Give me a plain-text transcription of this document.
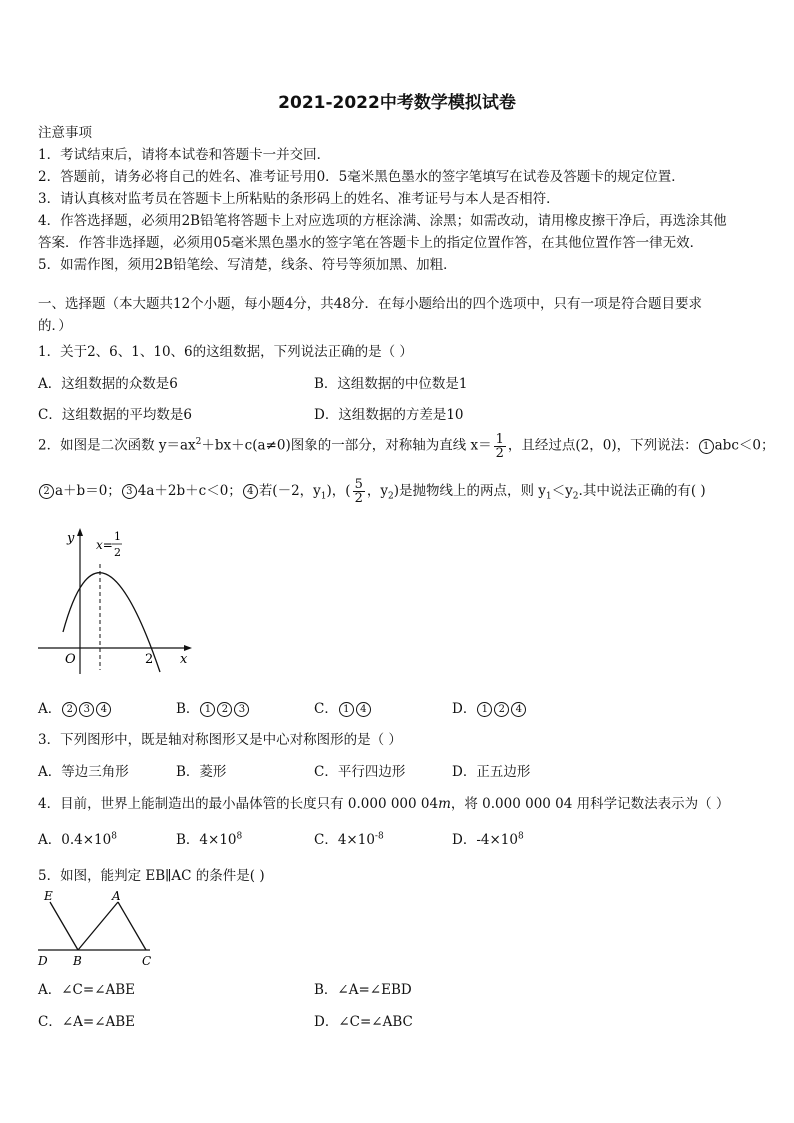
2021-2022中考数学模拟试卷
注意事项
1．考试结束后，请将本试卷和答题卡一并交回．
2．答题前，请务必将自己的姓名、准考证号用0．5毫米黑色墨水的签字笔填写在试卷及答题卡的规定位置．
3．请认真核对监考员在答题卡上所粘贴的条形码上的姓名、准考证号与本人是否相符．
4．作答选择题，必须用2B铅笔将答题卡上对应选项的方框涂满、涂黑；如需改动，请用橡皮擦干净后，再选涂其他
答案．作答非选择题，必须用05毫米黑色墨水的签字笔在答题卡上的指定位置作答，在其他位置作答一律无效．
5．如需作图，须用2B铅笔绘、写清楚，线条、符号等须加黑、加粗．
一、选择题（本大题共12个小题，每小题4分，共48分．在每小题给出的四个选项中，只有一项是符合题目要求
的．）
1．关于2、6、1、10、6的这组数据，下列说法正确的是（ ）
A．这组数据的众数是6	B．这组数据的中位数是1
C．这组数据的平均数是6	D．这组数据的方差是10
2．如图是二次函数 $y=ax^2+bx+c(a\ne 0)$图象的一部分，对称轴为直线 $x= \frac{1}{2}$ ，且经过点(2，0)，下列说法： 1 abc＜0；
2 a＋b＝0； 3 4a＋2b＋c＜0； 4 若(－2，$y_1$)，( $\frac{5}{2}$ ，$y_2$)是抛物线上的两点，则 $y_1<y_2$.其中说法正确的有( )
y
x
O	2
x=
1
2
A． 2 3 4	B． 1 2 3	C． 1 4	D． 1 2 4
3．下列图形中，既是轴对称图形又是中心对称图形的是（ ）
A．等边三角形	B．菱形	C．平行四边形	D．正五边形
4．目前，世界上能制造出的最小晶体管的长度只有 0.000 000 04m，将 0.000 000 04 用科学记数法表示为（ ）
A．$0.4\times 10^8$	B．$4\times 10^8$	C．$4\times 10^{-8}$	D．$-4\times 10^8$
5．如图，能判定 EB∥AC 的条件是( )
E	A
D B	C
A．∠C=∠ABE	B．∠A=∠EBD
C．∠A=∠ABE	D．∠C=∠ABC
